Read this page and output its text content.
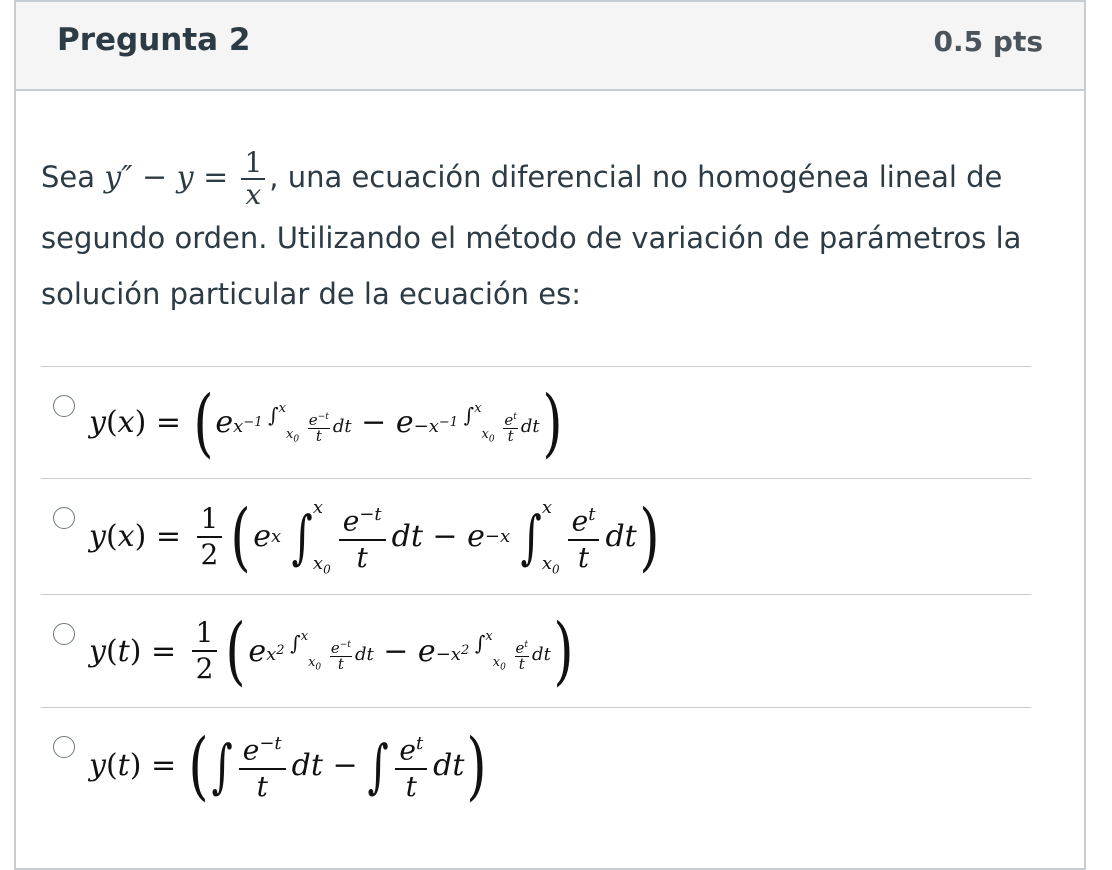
Pregunta 2	0.5 pts
Sea $y'' - y = \frac{1}{x}$ , una ecuación diferencial no homogénea lineal de segundo orden. Utilizando el método de variación de parámetros la solución particular de la ecuación es:
y ( x ) = ( e $x^{-1}$ $\int^x_{x_0} \frac{e^{-t}}{t}$ dt − $e -x^{-1}$ $\int^x_{x_0} \frac{e^t}{t}$ dt )
y ( x ) =
1
2 ( e x
∫ x
$x_0$
$e^{-t}$
t
dt − e −x
∫ x
$x_0$
$e^t$
t
dt )
y ( t ) =
1
2 ( e $x^2$ $\int^x_{x_0} \frac{e^{-t}}{t}$ dt − $e -x^2$ $\int^x_{x_0} \frac{e^t}{t}$ dt )
y ( t ) = ( ∫ $e^{-t}$
t
dt − ∫ $e^t$
t
dt )
